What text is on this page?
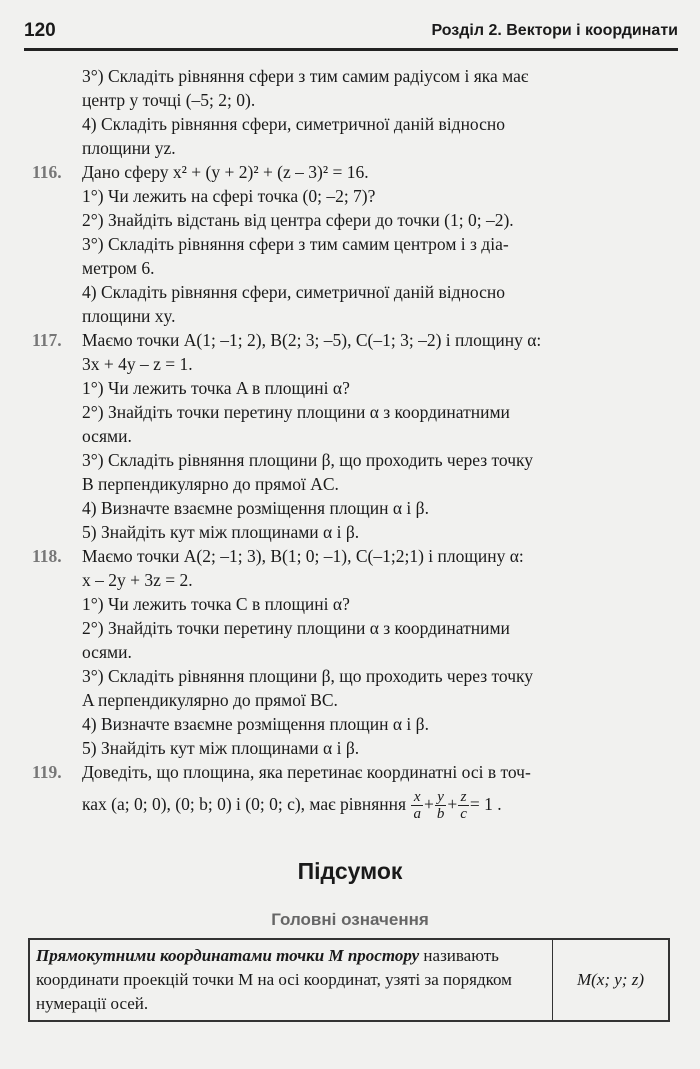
120	Розділ 2. Вектори і координати
3°) Складіть рівняння сфери з тим самим радіусом і яка має
центр у точці (–5; 2; 0).
4) Складіть рівняння сфери, симетричної даній відносно
площини yz.
116.	Дано сферу x² + (y + 2)² + (z – 3)² = 16.
1°) Чи лежить на сфері точка (0; –2; 7)?
2°) Знайдіть відстань від центра сфери до точки (1; 0; –2).
3°) Складіть рівняння сфери з тим самим центром і з діа-
метром 6.
4) Складіть рівняння сфери, симетричної даній відносно
площини xy.
117.	Маємо точки A(1; –1; 2), B(2; 3; –5), C(–1; 3; –2) і площину α:
3x + 4y – z = 1.
1°) Чи лежить точка A в площині α?
2°) Знайдіть точки перетину площини α з координатними
осями.
3°) Складіть рівняння площини β, що проходить через точку
B перпендикулярно до прямої AC.
4) Визначте взаємне розміщення площин α і β.
5) Знайдіть кут між площинами α і β.
118.	Маємо точки A(2; –1; 3), B(1; 0; –1), C(–1;2;1) і площину α:
x – 2y + 3z = 2.
1°) Чи лежить точка C в площині α?
2°) Знайдіть точки перетину площини α з координатними
осями.
3°) Складіть рівняння площини β, що проходить через точку
A перпендикулярно до прямої BC.
4) Визначте взаємне розміщення площин α і β.
5) Знайдіть кут між площинами α і β.
119.	Доведіть, що площина, яка перетинає координатні осі в точ-
ках (a; 0; 0), (0; b; 0) і (0; 0; c), має рівняння $\frac{x}{a} + \frac{y}{b} + \frac{z}{c} = 1$ .
Підсумок
Головні означення
Прямокутними координатами точки M простору називають координати проекцій точки M на осі координат, узяті за порядком нумерації осей.	M(x; y; z)
